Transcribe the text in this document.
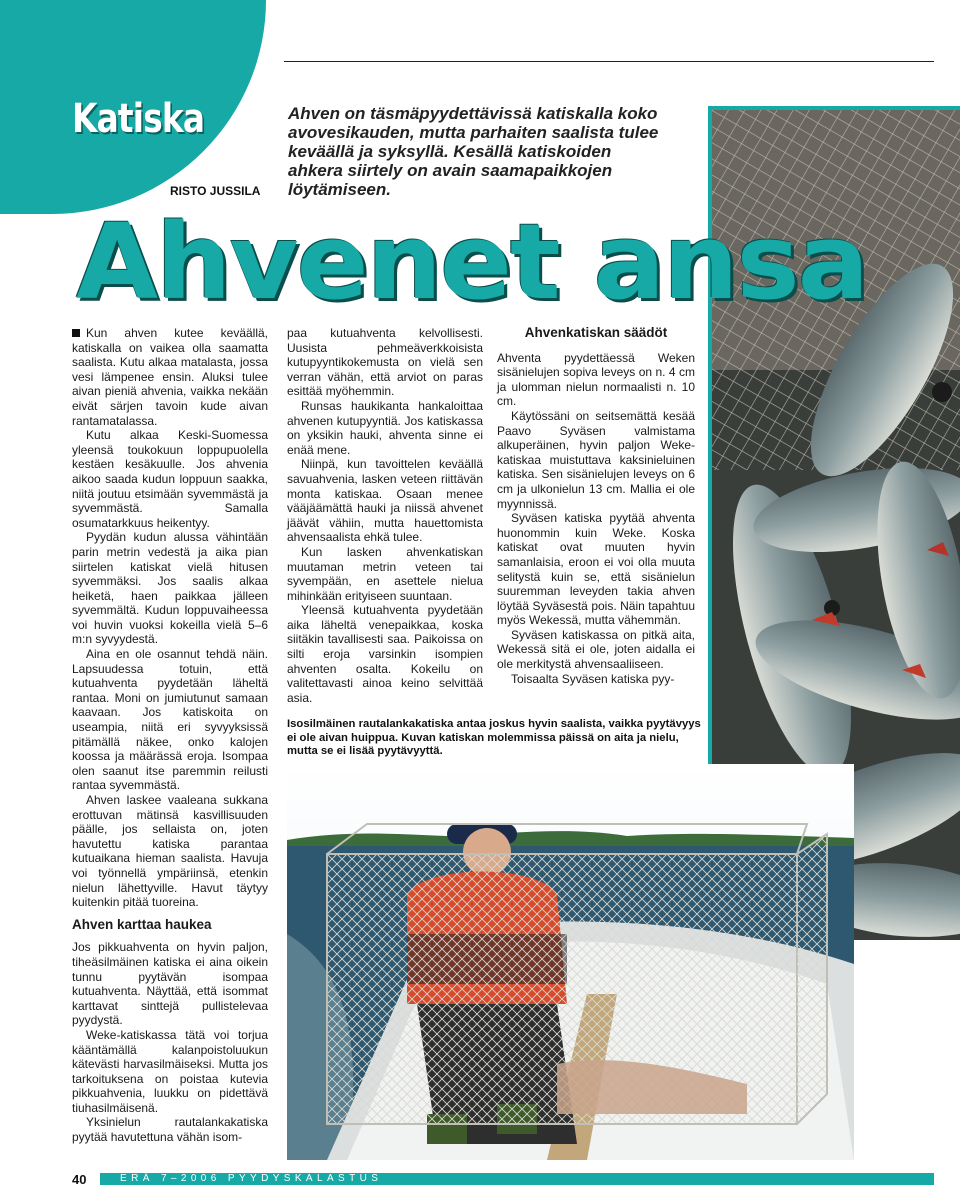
Katiska
RISTO JUSSILA
Ahven on täsmäpyydettävissä katiskalla koko avovesikauden, mutta parhaiten saalista tulee keväällä ja syksyllä. Kesällä katiskoiden ahkera siirtely on avain saamapaikkojen löytämiseen.
Ahvenet ansa

Kun ahven kutee keväällä, katiskalla on vaikea olla saamatta saalista. Kutu alkaa matalasta, jossa vesi lämpenee ensin. Aluksi tulee aivan pieniä ahvenia, vaikka nekään eivät särjen tavoin kude aivan rantamatalassa.

Kutu alkaa Keski-Suomessa yleensä toukokuun loppupuolella kestäen kesäkuulle. Jos ahvenia aikoo saada kudun loppuun saakka, niitä joutuu etsimään syvemmästä ja syvemmästä. Samalla osumatarkkuus heikentyy.

Pyydän kudun alussa vähintään parin metrin vedestä ja aika pian siirtelen katiskat vielä hitusen syvemmäksi. Jos saalis alkaa heiketä, haen paikkaa jälleen syvemmältä. Kudun loppuvaiheessa voi huvin vuoksi kokeilla vielä 5–6 m:n syvyydestä.

Aina en ole osannut tehdä näin. Lapsuudessa totuin, että kutuahventa pyydetään läheltä rantaa. Moni on jumiutunut samaan kaavaan. Jos katiskoita on useampia, niitä eri syvyyksissä pitämällä näkee, onko kalojen koossa ja määrässä eroja. Isompaa olen saanut itse paremmin reilusti rantaa syvemmästä.

Ahven laskee vaaleana sukkana erottuvan mätinsä kasvillisuuden päälle, jos sellaista on, joten havutettu katiska parantaa kutuaikana hieman saalista. Havuja voi työnnellä ympäriinsä, etenkin nielun lähettyville. Havut täytyy kuitenkin pitää tuoreina.

Ahven karttaa haukea

Jos pikkuahventa on hyvin paljon, tiheäsilmäinen katiska ei aina oikein tunnu pyytävän isompaa kutuahventa. Näyttää, että isommat karttavat sinttejä pullistelevaa pyydystä.

Weke-katiskassa tätä voi torjua kääntämällä kalanpoistoluukun kätevästi harvasilmäiseksi. Mutta jos tarkoituksena on poistaa kutevia pikkuahvenia, luukku on pidettävä tiuhasilmäisenä.

Yksinielun rautalankakatiska pyytää havutettuna vähän isom-

paa kutuahventa kelvollisesti. Uusista pehmeäverkkoisista kutupyyntikokemusta on vielä sen verran vähän, että arviot on paras esittää myöhemmin.

Runsas haukikanta hankaloittaa ahvenen kutupyyntiä. Jos katiskassa on yksikin hauki, ahventa sinne ei enää mene.

Niinpä, kun tavoittelen keväällä savuahvenia, lasken veteen riittävän monta katiskaa. Osaan menee vääjäämättä hauki ja niissä ahvenet jäävät vähiin, mutta hauettomista ahvensaalista ehkä tulee.

Kun lasken ahvenkatiskan muutaman metrin veteen tai syvempään, en asettele nielua mihinkään erityiseen suuntaan.

Yleensä kutuahventa pyydetään aika läheltä venepaikkaa, koska siitäkin tavallisesti saa. Paikoissa on silti eroja varsinkin isompien ahventen osalta. Kokeilu on valitettavasti ainoa keino selvittää asia.

Ahvenkatiskan säädöt

Ahventa pyydettäessä Weken sisänielujen sopiva leveys on n. 4 cm ja ulomman nielun normaalisti n. 10 cm.

Käytössäni on seitsemättä kesää Paavo Syväsen valmistama alkuperäinen, hyvin paljon Weke-katiskaa muistuttava kaksinieluinen katiska. Sen sisänielujen leveys on 6 cm ja ulkonielun 13 cm. Mallia ei ole myynnissä.

Syväsen katiska pyytää ahventa huonommin kuin Weke. Koska katiskat ovat muuten hyvin samanlaisia, eroon ei voi olla muuta selitystä kuin se, että sisänielun suuremman leveyden takia ahven löytää Syväsestä pois. Näin tapahtuu myös Wekessä, mutta vähemmän.

Syväsen katiskassa on pitkä aita, Wekessä sitä ei ole, joten aidalla ei ole merkitystä ahvensaaliiseen.

Toisaalta Syväsen katiska pyy-

Isosilmäinen rautalankakatiska antaa joskus hyvin saalista, vaikka pyytävyys ei ole aivan huippua. Kuvan katiskan molemmissa päissä on aita ja nielu, mutta se ei lisää pyytävyyttä.
40	ERÄ 7–2006 PYYDYSKALASTUS
